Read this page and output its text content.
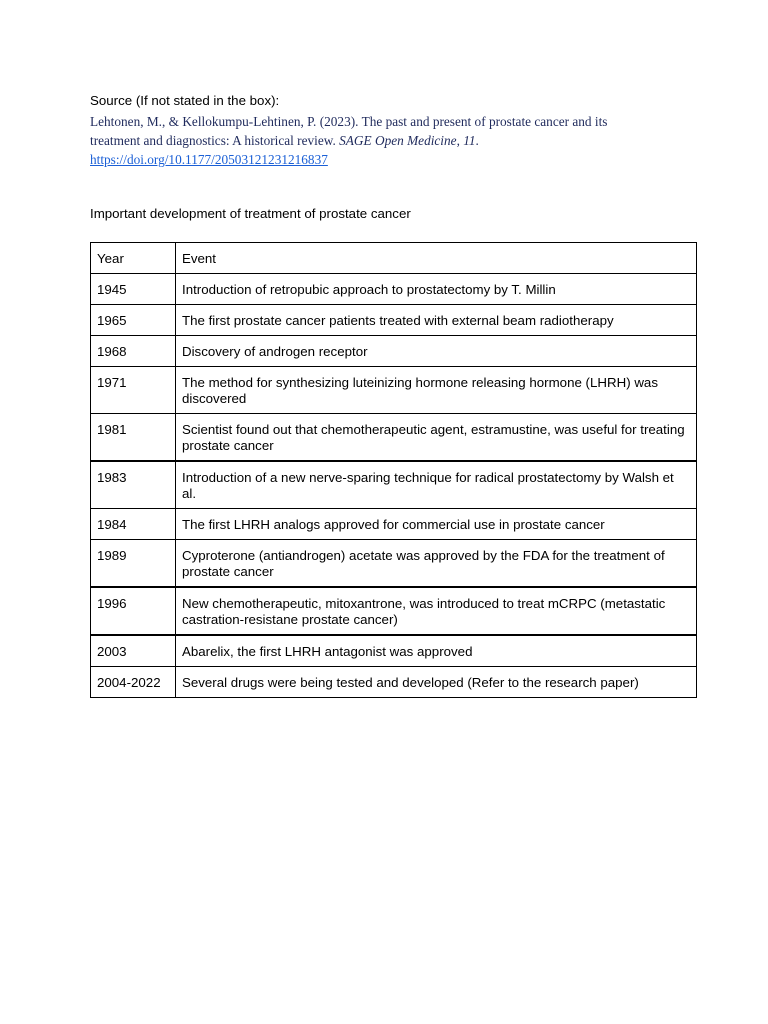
Source (If not stated in the box):
Lehtonen, M., & Kellokumpu-Lehtinen, P. (2023). The past and present of prostate cancer and its treatment and diagnostics: A historical review. SAGE Open Medicine, 11.
https://doi.org/10.1177/20503121231216837
Important development of treatment of prostate cancer
Year	Event
1945	Introduction of retropubic approach to prostatectomy by T. Millin
1965	The first prostate cancer patients treated with external beam radiotherapy
1968	Discovery of androgen receptor
1971	The method for synthesizing luteinizing hormone releasing hormone (LHRH) was discovered
1981	Scientist found out that chemotherapeutic agent, estramustine, was useful for treating prostate cancer
1983	Introduction of a new nerve-sparing technique for radical prostatectomy by Walsh et al.
1984	The first LHRH analogs approved for commercial use in prostate cancer
1989	Cyproterone (antiandrogen) acetate was approved by the FDA for the treatment of prostate cancer
1996	New chemotherapeutic, mitoxantrone, was introduced to treat mCRPC (metastatic castration-resistane prostate cancer)
2003	Abarelix, the first LHRH antagonist was approved
2004-2022	Several drugs were being tested and developed (Refer to the research paper)
